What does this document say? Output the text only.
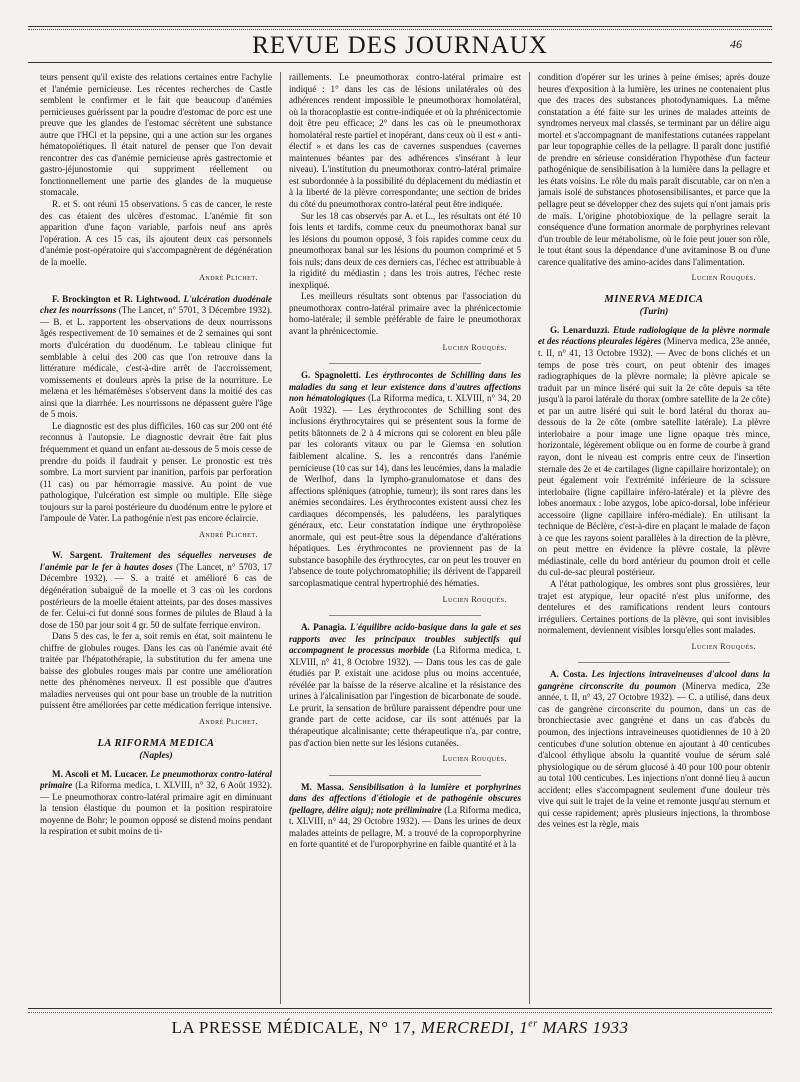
REVUE DES JOURNAUX	46

teurs pensent qu'il existe des relations certaines entre l'achylie et l'anémie pernicieuse. Les récentes recherches de Castle semblent le confirmer et le fait que beaucoup d'anémies pernicieuses guérissent par la poudre d'estomac de porc est une preuve que les glandes de l'estomac sécrètent une substance autre que l'HCl et la pepsine, qui a une action sur les organes hématopoïétiques. Il était naturel de penser que l'on devait rencontrer des cas d'anémie pernicieuse après gastrectomie et gastro-jéjunostomie qui suppriment réellement ou fonctionnellement une partie des glandes de la muqueuse stomacale.

R. et S. ont réuni 15 observations. 5 cas de cancer, le reste des cas étaient des ulcères d'estomac. L'anémie fit son apparition d'une façon variable, parfois neuf ans après l'opération. A ces 15 cas, ils ajoutent deux cas personnels d'anémie post-opératoire qui s'accompagnèrent de dégénération de la moelle.

André Plichet.

F. Brockington et R. Lightwood. L'ulcération duodénale chez les nourrissons (The Lancet, n° 5701, 3 Décembre 1932). — B. et L. rapportent les observations de deux nourrissons âgés respectivement de 10 semaines et de 2 semaines qui sont morts d'ulcération du duodénum. Le tableau clinique fut semblable à celui des 200 cas que l'on retrouve dans la littérature médicale, c'est-à-dire arrêt de l'accroissement, vomissements et douleurs après la prise de la nourriture. Le melæna et les hématémèses s'observent dans la moitié des cas ainsi que la diarrhée. Les nourrissons ne dépassent guère l'âge de 5 mois.

Le diagnostic est des plus difficiles. 160 cas sur 200 ont été reconnus à l'autopsie. Le diagnostic devrait être fait plus fréquemment et quand un enfant au-dessous de 5 mois cesse de prendre du poids il faudrait y penser. Le pronostic est très sombre. La mort survient par inanition, parfois par perforation (11 cas) ou par hémorragie massive. Au point de vue pathologique, l'ulcération est simple ou multiple. Elle siège toujours sur la paroi postérieure du duodénum entre le pylore et l'ampoule de Vater. La pathogénie n'est pas encore éclaircie.

André Plichet.

W. Sargent. Traitement des séquelles nerveuses de l'anémie par le fer à hautes doses (The Lancet, n° 5703, 17 Décembre 1932). — S. a traité et amélioré 6 cas de dégénération subaiguë de la moelle et 3 cas où les cordons postérieurs de la moelle étaient atteints, par des doses massives de fer. Celui-ci fut donné sous formes de pilules de Blaud à la dose de 150 par jour soit 4 gr. 50 de sulfate ferrique environ.

Dans 5 des cas, le fer a, soit remis en état, soit maintenu le chiffre de globules rouges. Dans les cas où l'anémie avait été traitée par l'hépatothérapie, la substitution du fer amena une baisse des globules rouges mais par contre une amélioration nette des phénomènes nerveux. Il est possible que d'autres maladies nerveuses qui ont pour base un trouble de la nutrition puissent être améliorées par cette médication ferrique intensive.

André Plichet.
LA RIFORMA MEDICA
(Naples)

M. Ascoli et M. Lucacer. Le pneumothorax contro-latéral primaire (La Riforma medica, t. XLVIII, n° 32, 6 Août 1932). — Le pneumothorax contro-latéral primaire agit en diminuant la tension élastique du poumon et la position respiratoire moyenne de Bohr; le poumon opposé se distend moins pendant la respiration et subit moins de ti-

raillements. Le pneumothorax contro-latéral primaire est indiqué : 1° dans les cas de lésions unilatérales où des adhérences rendent impossible le pneumothorax homolatéral, où la thoracoplastie est contre-indiquée et où la phrénicectomie doit être peu efficace; 2° dans les cas où le pneumothorax homolatéral reste partiel et inopérant, dans ceux où il est « anti-électif » et dans les cas de cavernes suspendues (cavernes maintenues béantes par des adhérences s'insérant à leur niveau). L'institution du pneumothorax contro-latéral primaire est subordonnée à la possibilité du déplacement du médiastin et à la liberté de la plèvre correspondante; une section de brides du côté du pneumothorax contro-latéral peut être indiquée.

Sur les 18 cas observés par A. et L., les résultats ont été 10 fois lents et tardifs, comme ceux du pneumothorax banal sur les lésions du poumon opposé, 3 fois rapides comme ceux du pneumothorax banal sur les lésions du poumon comprimé et 5 fois nuls; dans deux de ces derniers cas, l'échec est attribuable à la rigidité du médiastin ; dans les trois autres, l'échec reste inexpliqué.

Les meilleurs résultats sont obtenus par l'association du pneumothorax contro-latéral primaire avec la phrénicectomie homo-latérale; il semble préférable de faire le pneumothorax avant la phrénicectomie.

Lucien Rouquès.

G. Spagnoletti. Les érythrocontes de Schilling dans les maladies du sang et leur existence dans d'autres affections non hématologiques (La Riforma medica, t. XLVIII, n° 34, 20 Août 1932). — Les érythrocontes de Schilling sont des inclusions érythrocytaires qui se présentent sous la forme de petits bâtonnets de 2 à 4 microns qui se colorent en bleu pâle par les colorants vitaux ou par le Giemsa en solution faiblement alcaline. S. les a rencontrés dans l'anémie pernicieuse (10 cas sur 14), dans les leucémies, dans la maladie de Werlhof, dans la lympho-granulomatose et dans des affections spléniques (atrophie, tumeur); ils sont rares dans les anémies secondaires. Les érythrocontes existent aussi chez les cardiaques décompensés, les paludéens, les paralytiques généraux, etc. Leur constatation indique une érythropoïèse anormale, qui est peut-être sous la dépendance d'altérations hépatiques. Les érythrocontes ne proviennent pas de la substance basophile des érythrocytes, car on peut les trouver en l'absence de toute polychromatophilie; ils dérivent de l'appareil sarcoplasmatique central hypertrophié des hématies.

Lucien Rouquès.

A. Panagia. L'équilibre acido-basique dans la gale et ses rapports avec les principaux troubles subjectifs qui accompagnent le processus morbide (La Riforma medica, t. XLVIII, n° 41, 8 Octobre 1932). — Dans tous les cas de gale étudiés par P. existait une acidose plus ou moins accentuée, révélée par la baisse de la réserve alcaline et la résistance des urines à l'alcalinisation par l'ingestion de bicarbonate de soude. Le prurit, la sensation de brûlure paraissent dépendre pour une grande part de cette acidose, car ils sont atténués par la thérapeutique alcalinisante; cette thérapeutique n'a, par contre, pas d'action bien nette sur les lésions cutanées.

Lucien Rouquès.

M. Massa. Sensibilisation à la lumière et porphyrines dans des affections d'étiologie et de pathogénie obscures (pellagre, délire aigu); note préliminaire (La Riforma medica, t. XLVIII, n° 44, 29 Octobre 1932). — Dans les urines de deux malades atteints de pellagre, M. a trouvé de la coproporphyrine en forte quantité et de l'uroporphyrine en faible quantité et à la

condition d'opérer sur les urines à peine émises; après douze heures d'exposition à la lumière, les urines ne contenaient plus que des traces des substances photodynamiques. La même constatation a été faite sur les urines de malades atteints de syndromes nerveux mal classés, se terminant par un délire aigu mortel et s'accompagnant de manifestations cutanées rappelant par leur topographie celles de la pellagre. Il paraît donc justifié de prendre en sérieuse considération l'hypothèse d'un facteur pathogénique de sensibilisation à la lumière dans la pellagre et les états voisins. Le rôle du maïs paraît discutable, car on n'en a jamais isolé de substances photosensibilisantes, et parce que la pellagre peut se développer chez des sujets qui n'ont jamais pris de maïs. L'origine photobioxique de la pellagre serait la conséquence d'une formation anormale de porphyrines relevant d'un trouble de leur métabolisme, où le foie peut jouer son rôle, le tout étant sous la dépendance d'une avitaminose B ou d'une carence qualitative des amino-acides dans l'alimentation.

Lucien Rouquès.
MINERVA MEDICA
(Turin)

G. Lenarduzzi. Etude radiologique de la plèvre normale et des réactions pleurales légères (Minerva medica, 23e année, t. II, n° 41, 13 Octobre 1932). — Avec de bons clichés et un temps de pose très court, on peut obtenir des images radiographiques de la plèvre normale; la plèvre apicale se traduit par un mince liséré qui suit la 2e côte depuis sa tête jusqu'à la paroi latérale du thorax (ombre satellite de la 2e côte) et par un autre liséré qui suit le bord latéral du thorax au-dessous de la 2e côte (ombre satellite latérale). La plèvre interlobaire a pour image une ligne opaque très mince, horizontale, légèrement oblique ou en forme de courbe à grand rayon, dont le niveau est compris entre ceux de l'insertion sternale des 2e et 4e cartilages (ligne capillaire horizontale); on peut également voir l'extrémité inférieure de la scissure interlobaire (ligne capillaire inféro-latérale) et la plèvre des lobes anormaux : lobe azygos, lobe apico-dorsal, lobe inférieur accessoire (ligne capillaire inféro-médiale). En utilisant la technique de Béclère, c'est-à-dire en plaçant le malade de façon à ce que les rayons soient parallèles à la direction de la plèvre, on peut mettre en évidence la plèvre costale, la plèvre médiastinale, celle du bord antérieur du poumon droit et celle du cul-de-sac pleural postérieur.

A l'état pathologique, les ombres sont plus grossières, leur trajet est atypique, leur opacité n'est plus uniforme, des dentelures et des ramifications rendent leurs contours irréguliers. Certaines portions de la plèvre, qui sont invisibles normalement, deviennent visibles lorsqu'elles sont malades.

Lucien Rouquès.

A. Costa. Les injections intraveineuses d'alcool dans la gangrène circonscrite du poumon (Minerva medica, 23e année, t. II, n° 43, 27 Octobre 1932). — C. a utilisé, dans deux cas de gangrène circonscrite du poumon, dans un cas de bronchiectasie avec gangrène et dans un cas d'abcès du poumon, des injections intraveineuses quotidiennes de 10 à 20 centicubes d'une solution obtenue en ajoutant à 40 centicubes d'alcool éthylique absolu la quantité voulue de sérum salé physiologique ou de sérum glucosé à 40 pour 100 pour obtenir au total 100 centicubes. Les injections n'ont donné lieu à aucun accident; elles s'accompagnent seulement d'une douleur très vive qui suit le trajet de la veine et remonte jusqu'au sternum et qui cesse rapidement; après plusieurs injections, la thrombose des veines est la règle, mais

LA PRESSE MÉDICALE, N° 17, MERCREDI, 1er MARS 1933
